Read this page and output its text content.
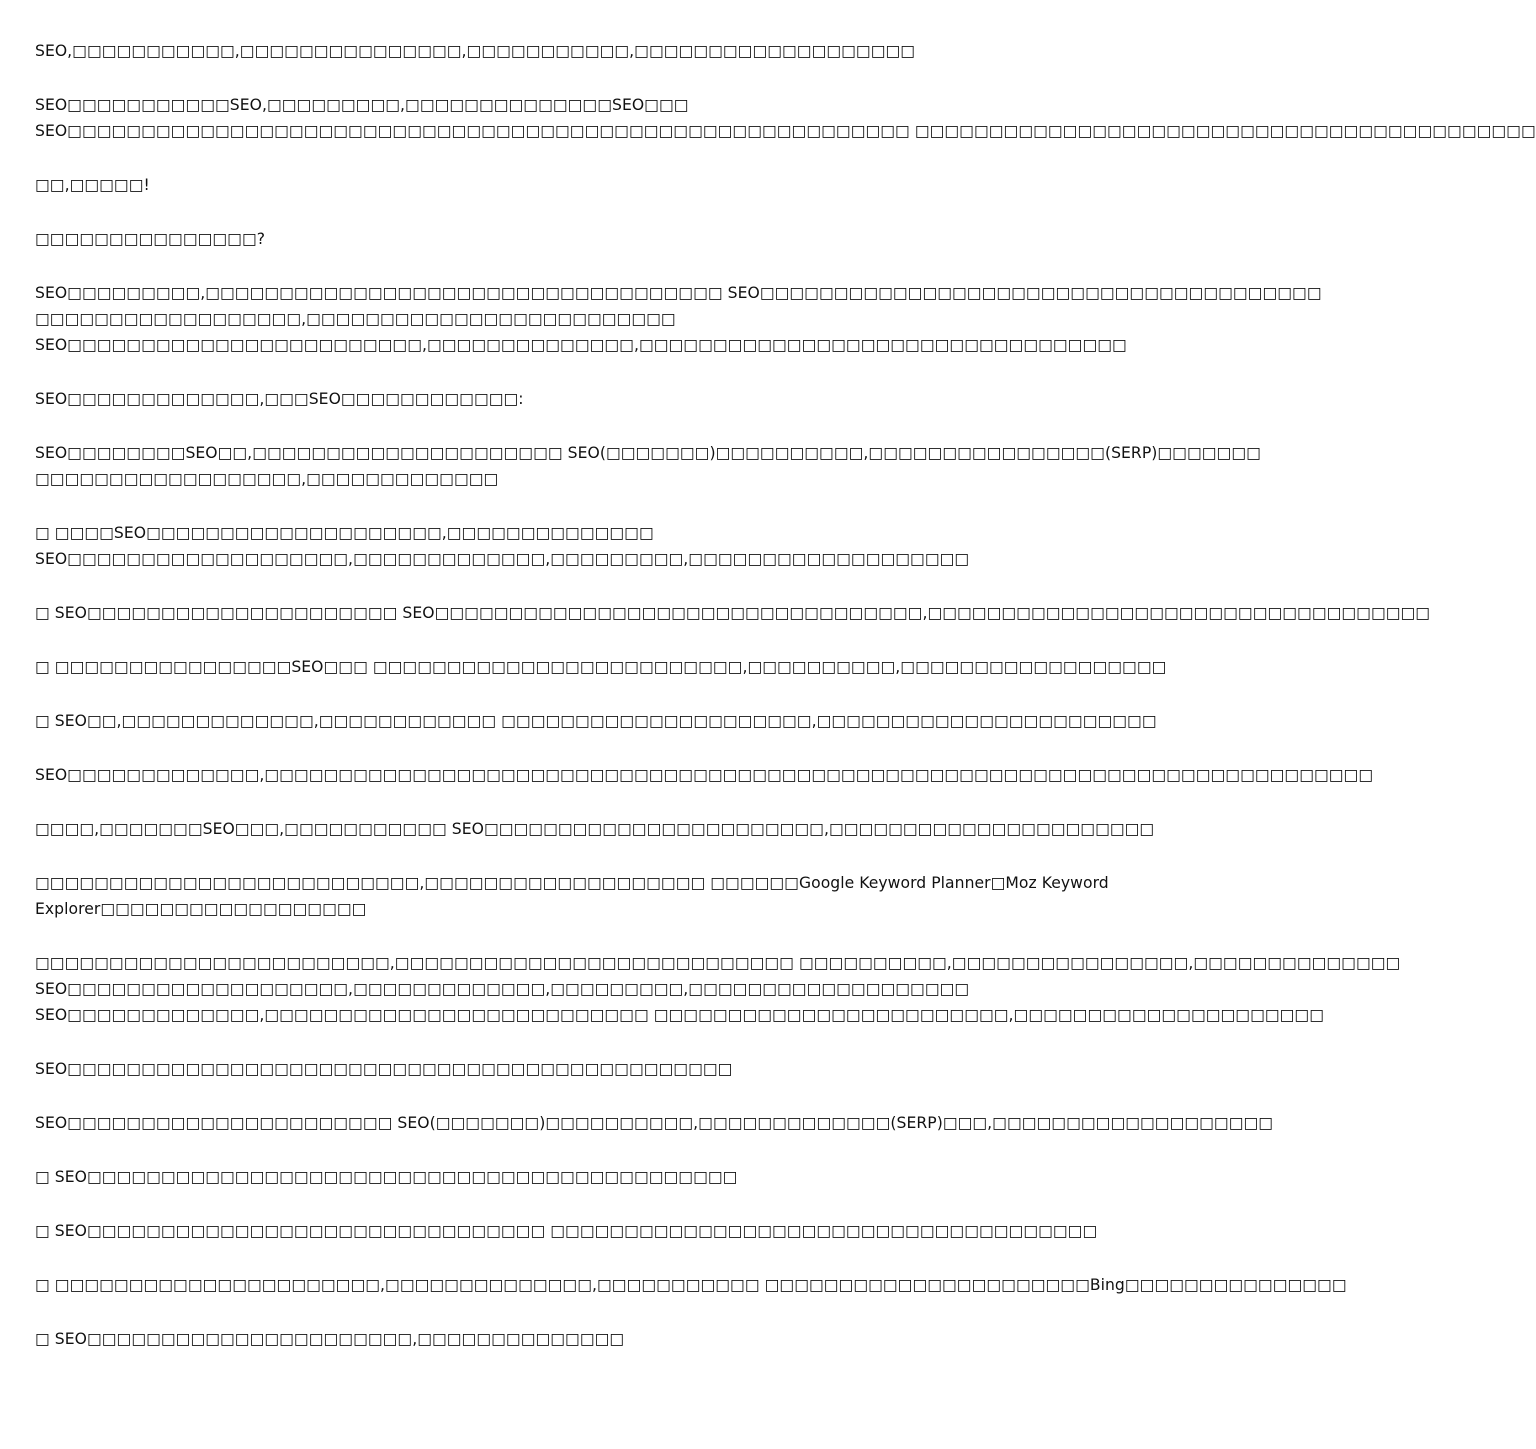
SEO,□□□□□□□□□□□,□□□□□□□□□□□□□□□,□□□□□□□□□□□,□□□□□□□□□□□□□□□□□□□

SEO□□□□□□□□□□□SEO,□□□□□□□□□,□□□□□□□□□□□□□□SEO□□□
SEO□□□□□□□□□□□□□□□□□□□□□□□□□□□□□□□□□□□□□□□□□□□□□□□□□□□□□□□□□ □□□□□□□□□□□□□□□□□□□□□□□□□□□□□□□□□□□□□□□□□□

□□,□□□□□!

□□□□□□□□□□□□□□□?

SEO□□□□□□□□□,□□□□□□□□□□□□□□□□□□□□□□□□□□□□□□□□□□□ SEO□□□□□□□□□□□□□□□□□□□□□□□□□□□□□□□□□□□□□□
□□□□□□□□□□□□□□□□□□,□□□□□□□□□□□□□□□□□□□□□□□□□
SEO□□□□□□□□□□□□□□□□□□□□□□□□,□□□□□□□□□□□□□□,□□□□□□□□□□□□□□□□□□□□□□□□□□□□□□□□□

SEO□□□□□□□□□□□□□,□□□SEO□□□□□□□□□□□□:

SEO□□□□□□□□SEO□□,□□□□□□□□□□□□□□□□□□□□□ SEO(□□□□□□□)□□□□□□□□□□,□□□□□□□□□□□□□□□□(SERP)□□□□□□□
□□□□□□□□□□□□□□□□□□,□□□□□□□□□□□□□

□ □□□□SEO□□□□□□□□□□□□□□□□□□□□,□□□□□□□□□□□□□□
SEO□□□□□□□□□□□□□□□□□□□,□□□□□□□□□□□□□,□□□□□□□□□,□□□□□□□□□□□□□□□□□□□

□ SEO□□□□□□□□□□□□□□□□□□□□□ SEO□□□□□□□□□□□□□□□□□□□□□□□□□□□□□□□□□,□□□□□□□□□□□□□□□□□□□□□□□□□□□□□□□□□□

□ □□□□□□□□□□□□□□□□SEO□□□ □□□□□□□□□□□□□□□□□□□□□□□□□,□□□□□□□□□□,□□□□□□□□□□□□□□□□□□

□ SEO□□,□□□□□□□□□□□□□,□□□□□□□□□□□□ □□□□□□□□□□□□□□□□□□□□□,□□□□□□□□□□□□□□□□□□□□□□□

SEO□□□□□□□□□□□□□,□□□□□□□□□□□□□□□□□□□□□□□□□□□□□□□□□□□□□□□□□□□□□□□□□□□□□□□□□□□□□□□□□□□□□□□□□□□

□□□□,□□□□□□□SEO□□□,□□□□□□□□□□□ SEO□□□□□□□□□□□□□□□□□□□□□□□,□□□□□□□□□□□□□□□□□□□□□□

□□□□□□□□□□□□□□□□□□□□□□□□□□,□□□□□□□□□□□□□□□□□□□ □□□□□□Google Keyword Planner□Moz Keyword
Explorer□□□□□□□□□□□□□□□□□□

□□□□□□□□□□□□□□□□□□□□□□□□,□□□□□□□□□□□□□□□□□□□□□□□□□□□ □□□□□□□□□□,□□□□□□□□□□□□□□□□,□□□□□□□□□□□□□□
SEO□□□□□□□□□□□□□□□□□□□,□□□□□□□□□□□□□,□□□□□□□□□,□□□□□□□□□□□□□□□□□□□
SEO□□□□□□□□□□□□□,□□□□□□□□□□□□□□□□□□□□□□□□□□ □□□□□□□□□□□□□□□□□□□□□□□□,□□□□□□□□□□□□□□□□□□□□□

SEO□□□□□□□□□□□□□□□□□□□□□□□□□□□□□□□□□□□□□□□□□□□□□

SEO□□□□□□□□□□□□□□□□□□□□□□ SEO(□□□□□□□)□□□□□□□□□□,□□□□□□□□□□□□□(SERP)□□□,□□□□□□□□□□□□□□□□□□□

□ SEO□□□□□□□□□□□□□□□□□□□□□□□□□□□□□□□□□□□□□□□□□□□□

□ SEO□□□□□□□□□□□□□□□□□□□□□□□□□□□□□□□ □□□□□□□□□□□□□□□□□□□□□□□□□□□□□□□□□□□□□

□ □□□□□□□□□□□□□□□□□□□□□□,□□□□□□□□□□□□□□,□□□□□□□□□□□ □□□□□□□□□□□□□□□□□□□□□□Bing□□□□□□□□□□□□□□□

□ SEO□□□□□□□□□□□□□□□□□□□□□□,□□□□□□□□□□□□□□
